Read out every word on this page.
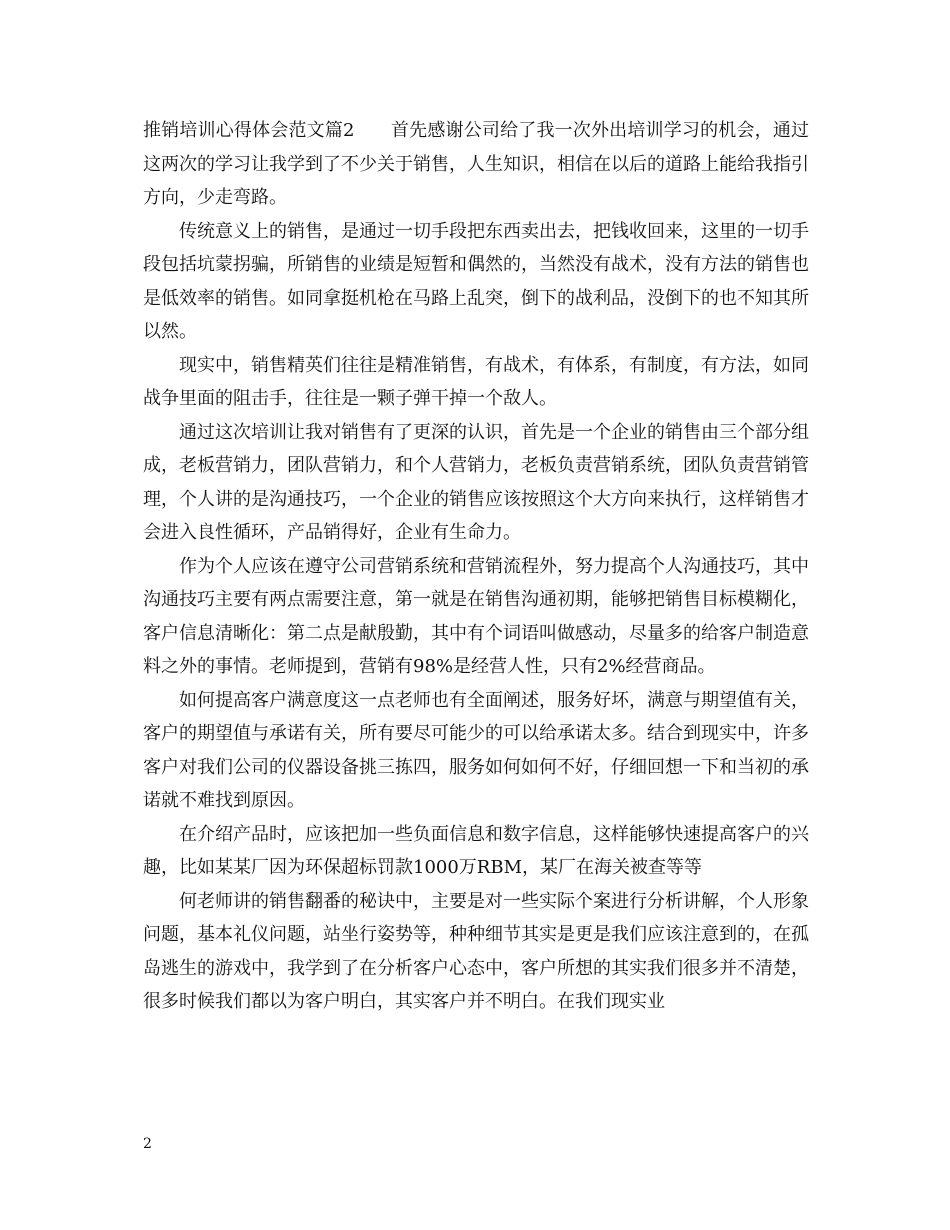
推销培训心得体会范文篇2　　首先感谢公司给了我一次外出培训学习的机会，通过这两次的学习让我学到了不少关于销售，人生知识，相信在以后的道路上能给我指引方向，少走弯路。

传统意义上的销售，是通过一切手段把东西卖出去，把钱收回来，这里的一切手段包括坑蒙拐骗，所销售的业绩是短暂和偶然的，当然没有战术，没有方法的销售也是低效率的销售。如同拿挺机枪在马路上乱突，倒下的战利品，没倒下的也不知其所以然。

现实中，销售精英们往往是精准销售，有战术，有体系，有制度，有方法，如同战争里面的阻击手，往往是一颗子弹干掉一个敌人。

通过这次培训让我对销售有了更深的认识，首先是一个企业的销售由三个部分组成，老板营销力，团队营销力，和个人营销力，老板负责营销系统，团队负责营销管理，个人讲的是沟通技巧，一个企业的销售应该按照这个大方向来执行，这样销售才会进入良性循环，产品销得好，企业有生命力。

作为个人应该在遵守公司营销系统和营销流程外，努力提高个人沟通技巧，其中沟通技巧主要有两点需要注意，第一就是在销售沟通初期，能够把销售目标模糊化，客户信息清晰化：第二点是献殷勤，其中有个词语叫做感动，尽量多的给客户制造意料之外的事情。老师提到，营销有98%是经营人性，只有2%经营商品。

如何提高客户满意度这一点老师也有全面阐述，服务好坏，满意与期望值有关，客户的期望值与承诺有关，所有要尽可能少的可以给承诺太多。结合到现实中，许多客户对我们公司的仪器设备挑三拣四，服务如何如何不好，仔细回想一下和当初的承诺就不难找到原因。

在介绍产品时，应该把加一些负面信息和数字信息，这样能够快速提高客户的兴趣，比如某某厂因为环保超标罚款1000万RBM，某厂在海关被查等等

何老师讲的销售翻番的秘诀中，主要是对一些实际个案进行分析讲解，个人形象问题，基本礼仪问题，站坐行姿势等，种种细节其实是更是我们应该注意到的，在孤岛逃生的游戏中，我学到了在分析客户心态中，客户所想的其实我们很多并不清楚，很多时候我们都以为客户明白，其实客户并不明白。在我们现实业

2
